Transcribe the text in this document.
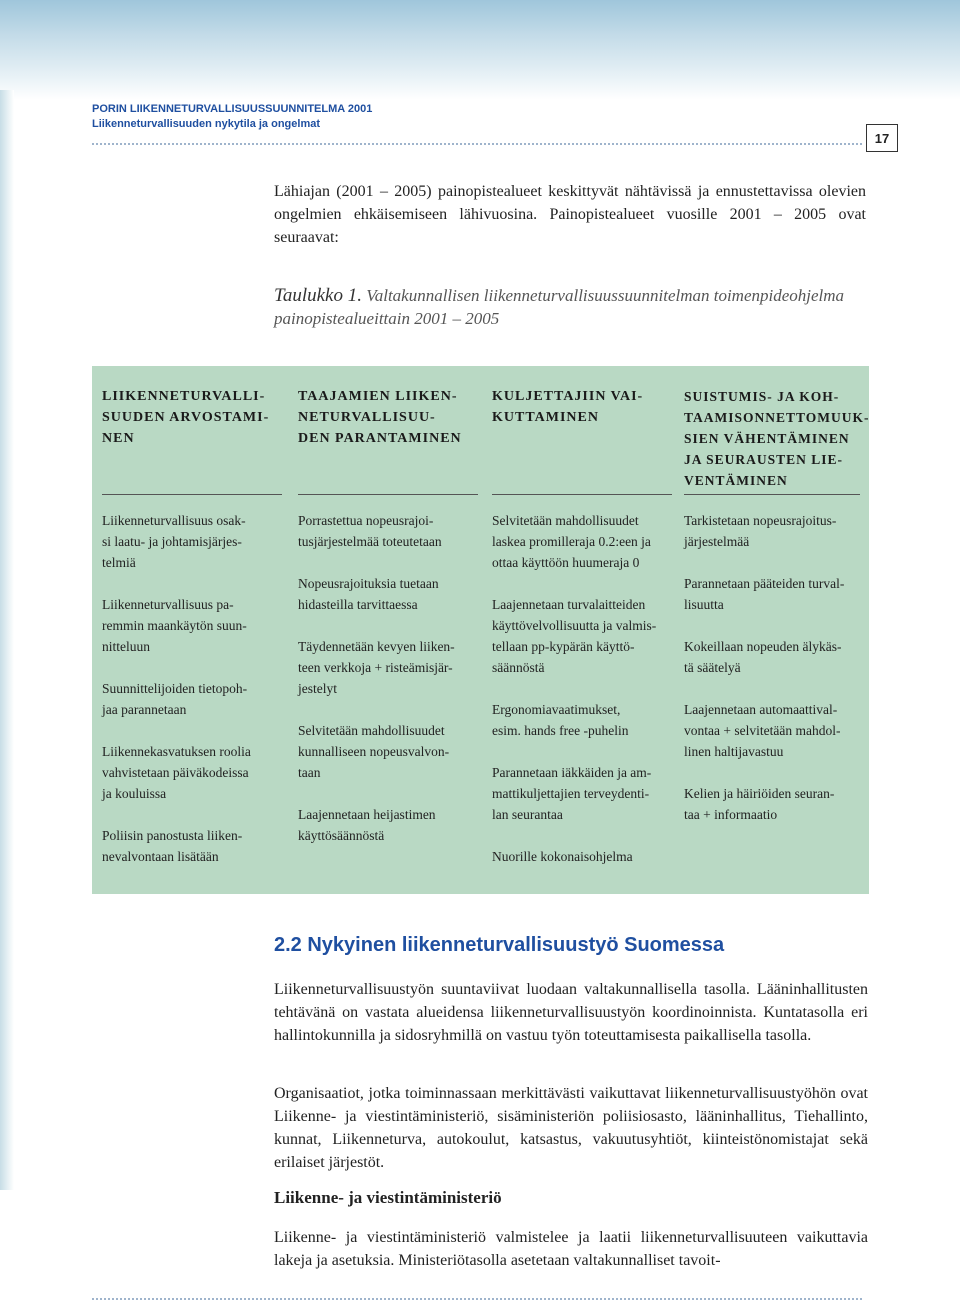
PORIN LIIKENNETURVALLISUUSSUUNNITELMA 2001
Liikenneturvallisuuden nykytila ja ongelmat
17

Lähiajan (2001 – 2005) painopistealueet keskittyvät nähtävissä ja ennustettavissa olevien ongelmien ehkäisemiseen lähivuosina. Painopistealueet vuosille 2001 – 2005 ovat seuraavat:

Taulukko 1. Valtakunnallisen liikenneturvallisuussuunnitelman toimenpideohjelma painopistealueittain 2001 – 2005

LIIKENNETURVALLI-
SUUDEN ARVOSTAMI-
NEN
TAAJAMIEN LIIKEN-
NETURVALLISUU-
DEN PARANTAMINEN
KULJETTAJIIN VAI-
KUTTAMINEN
SUISTUMIS- JA KOH-
TAAMISONNETTOMUUK-
SIEN VÄHENTÄMINEN
JA SEURAUSTEN LIE-
VENTÄMINEN

Liikenneturvallisuus osak-
si laatu- ja johtamisjärjes-
telmiä

Liikenneturvallisuus pa-
remmin maankäytön suun-
nitteluun

Suunnittelijoiden tietopoh-
jaa parannetaan

Liikennekasvatuksen roolia
vahvistetaan päiväkodeissa
ja kouluissa

Poliisin panostusta liiken-
nevalvontaan lisätään

Porrastettua nopeusrajoi-
tusjärjestelmää toteutetaan

Nopeusrajoituksia tuetaan
hidasteilla tarvittaessa

Täydennetään kevyen liiken-
teen verkkoja + risteämisjär-
jestelyt

Selvitetään mahdollisuudet
kunnalliseen nopeusvalvon-
taan

Laajennetaan heijastimen
käyttösäännöstä

Selvitetään mahdollisuudet
laskea promilleraja 0.2:een ja
ottaa käyttöön huumeraja 0

Laajennetaan turvalaitteiden
käyttövelvollisuutta ja valmis-
tellaan pp-kypärän käyttö-
säännöstä

Ergonomiavaatimukset,
esim. hands free -puhelin

Parannetaan iäkkäiden ja am-
mattikuljettajien terveydenti-
lan seurantaa

Nuorille kokonaisohjelma

Tarkistetaan nopeusrajoitus-
järjestelmää

Parannetaan pääteiden turval-
lisuutta

Kokeillaan nopeuden älykäs-
tä säätelyä

Laajennetaan automaattival-
vontaa + selvitetään mahdol-
linen haltijavastuu

Kelien ja häiriöiden seuran-
taa + informaatio

2.2 Nykyinen liikenneturvallisuustyö Suomessa

Liikenneturvallisuustyön suuntaviivat luodaan valtakunnallisella tasolla. Lääninhallitusten tehtävänä on vastata alueidensa liikenneturvallisuustyön koordinoinnista. Kuntatasolla eri hallintokunnilla ja sidosryhmillä on vastuu työn toteuttamisesta paikallisella tasolla.

Organisaatiot, jotka toiminnassaan merkittävästi vaikuttavat liikenneturvallisuustyöhön ovat Liikenne- ja viestintäministeriö, sisäministeriön poliisiosasto, lääninhallitus, Tiehallinto, kunnat, Liikenneturva, autokoulut, katsastus, vakuutusyhtiöt, kiinteistönomistajat sekä erilaiset järjestöt.

Liikenne- ja viestintäministeriö

Liikenne- ja viestintäministeriö valmistelee ja laatii liikenneturvallisuuteen vaikuttavia lakeja ja asetuksia. Ministeriötasolla asetetaan valtakunnalliset tavoit-
